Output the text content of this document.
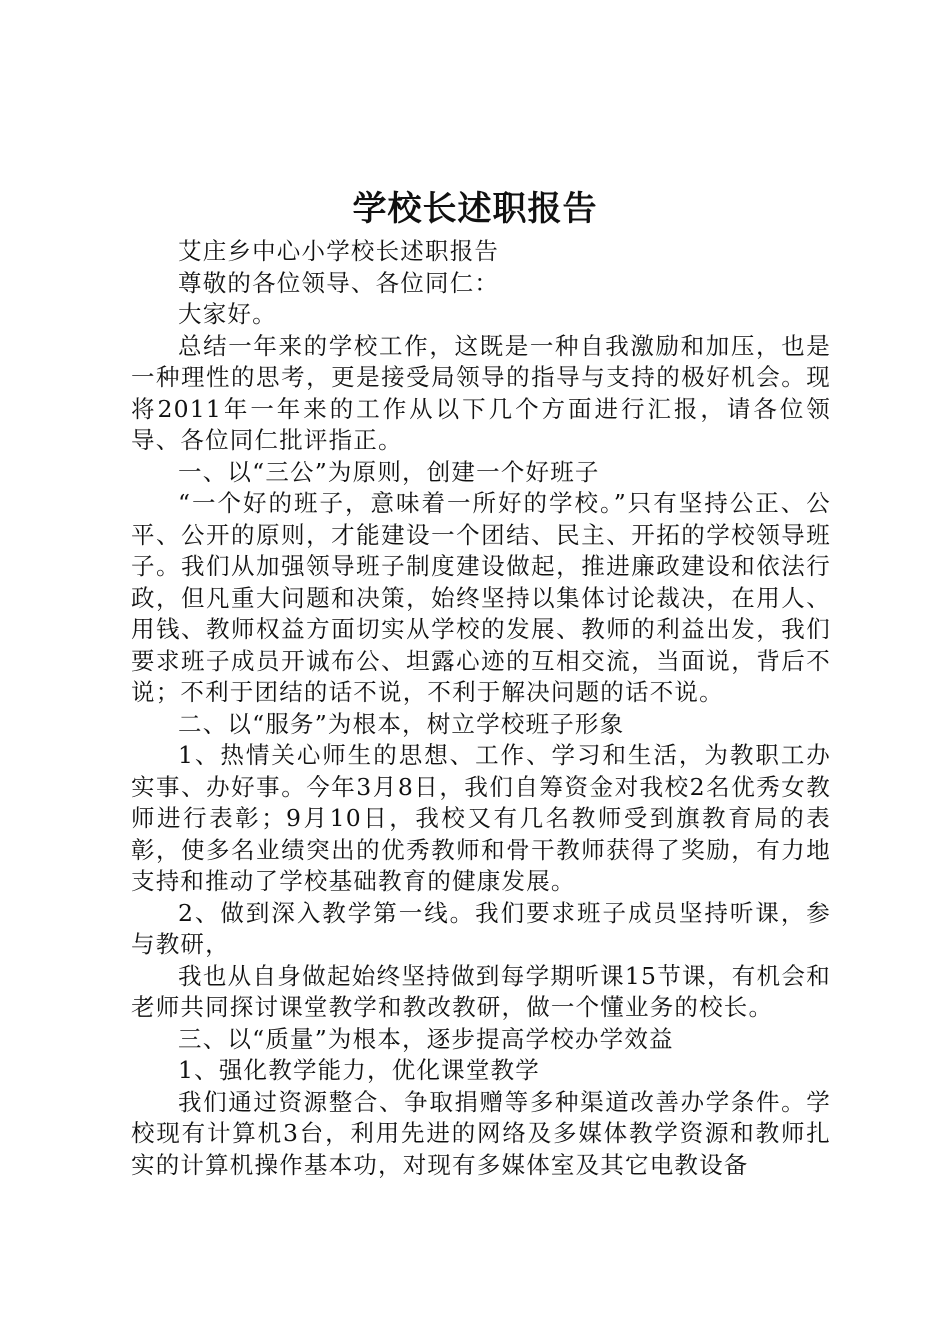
学校长述职报告

艾庄乡中心小学校长述职报告

尊敬的各位领导、各位同仁：

大家好。

总结一年来的学校工作，这既是一种自我激励和加压，也是一种理性的思考，更是接受局领导的指导与支持的极好机会。现将2011年一年来的工作从以下几个方面进行汇报，请各位领导、各位同仁批评指正。

一、以“三公”为原则，创建一个好班子

“一个好的班子，意味着一所好的学校。”只有坚持公正、公平、公开的原则，才能建设一个团结、民主、开拓的学校领导班子。我们从加强领导班子制度建设做起，推进廉政建设和依法行政，但凡重大问题和决策，始终坚持以集体讨论裁决，在用人、用钱、教师权益方面切实从学校的发展、教师的利益出发，我们要求班子成员开诚布公、坦露心迹的互相交流，当面说，背后不说；不利于团结的话不说，不利于解决问题的话不说。

二、以“服务”为根本，树立学校班子形象

1、热情关心师生的思想、工作、学习和生活，为教职工办实事、办好事。今年3月8日，我们自筹资金对我校2名优秀女教师进行表彰；9月10日，我校又有几名教师受到旗教育局的表彰，使多名业绩突出的优秀教师和骨干教师获得了奖励，有力地支持和推动了学校基础教育的健康发展。

2、做到深入教学第一线。我们要求班子成员坚持听课，参与教研，

我也从自身做起始终坚持做到每学期听课15节课，有机会和老师共同探讨课堂教学和教改教研，做一个懂业务的校长。

三、以“质量”为根本，逐步提高学校办学效益

1、强化教学能力，优化课堂教学

我们通过资源整合、争取捐赠等多种渠道改善办学条件。学校现有计算机3台，利用先进的网络及多媒体教学资源和教师扎实的计算机操作基本功，对现有多媒体室及其它电教设备
